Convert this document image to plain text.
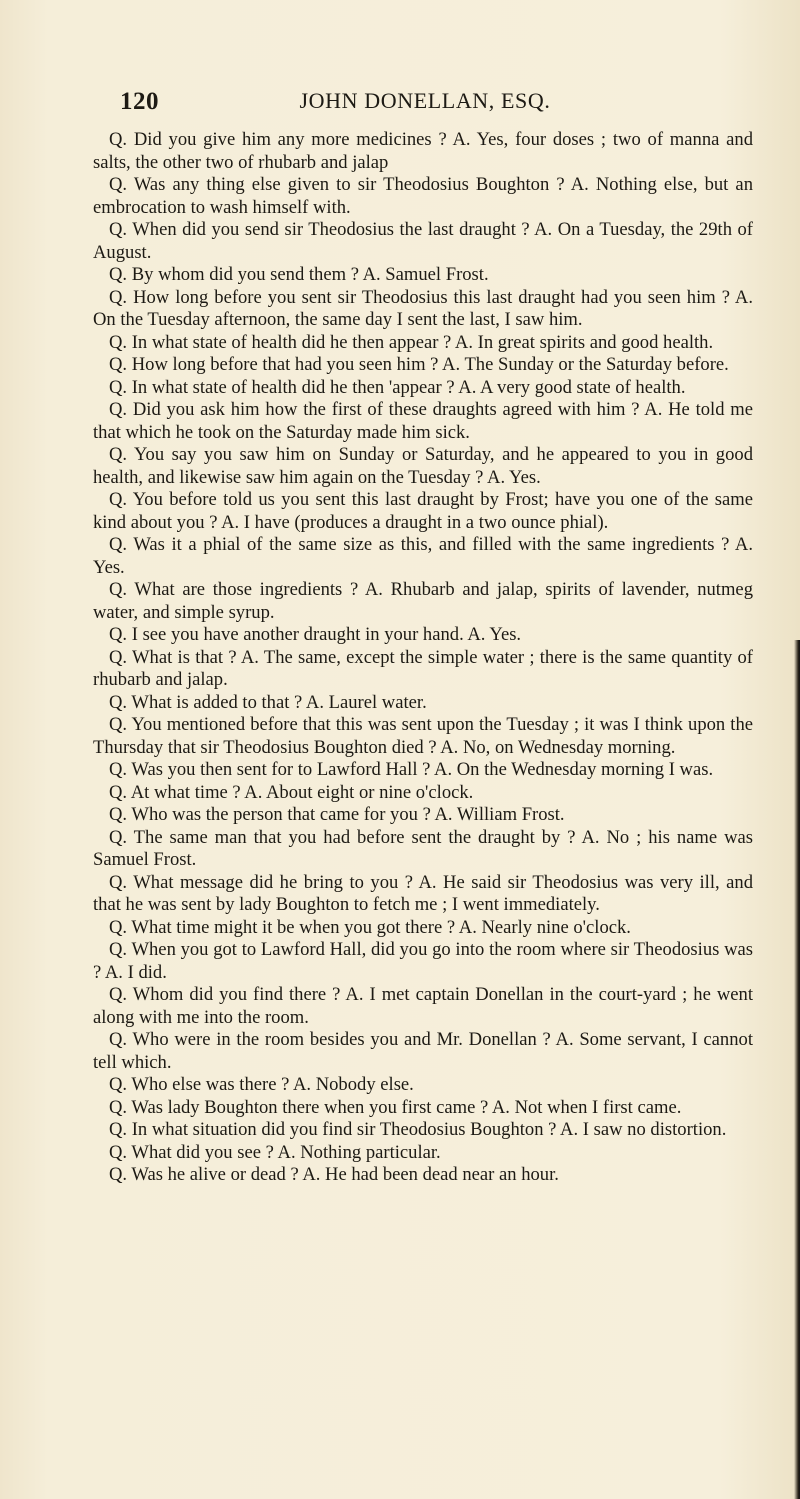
120	JOHN DONELLAN, ESQ.

Q. Did you give him any more medicines ? A. Yes, four doses ; two of manna and salts, the other two of rhubarb and jalap

Q. Was any thing else given to sir Theodosius Boughton ? A. Nothing else, but an embrocation to wash himself with.

Q. When did you send sir Theodosius the last draught ? A. On a Tuesday, the 29th of August.

Q. By whom did you send them ? A. Samuel Frost.

Q. How long before you sent sir Theodosius this last draught had you seen him ? A. On the Tuesday afternoon, the same day I sent the last, I saw him.

Q. In what state of health did he then appear ? A. In great spirits and good health.

Q. How long before that had you seen him ? A. The Sunday or the Saturday before.

Q. In what state of health did he then 'appear ? A. A very good state of health.

Q. Did you ask him how the first of these draughts agreed with him ? A. He told me that which he took on the Saturday made him sick.

Q. You say you saw him on Sunday or Saturday, and he appeared to you in good health, and likewise saw him again on the Tuesday ? A. Yes.

Q. You before told us you sent this last draught by Frost; have you one of the same kind about you ? A. I have (produces a draught in a two ounce phial).

Q. Was it a phial of the same size as this, and filled with the same ingredients ? A. Yes.

Q. What are those ingredients ? A. Rhubarb and jalap, spirits of lavender, nutmeg water, and simple syrup.

Q. I see you have another draught in your hand. A. Yes.

Q. What is that ? A. The same, except the simple water ; there is the same quantity of rhubarb and jalap.

Q. What is added to that ? A. Laurel water.

Q. You mentioned before that this was sent upon the Tuesday ; it was I think upon the Thursday that sir Theodosius Boughton died ? A. No, on Wednesday morning.

Q. Was you then sent for to Lawford Hall ? A. On the Wednesday morning I was.

Q. At what time ? A. About eight or nine o'clock.

Q. Who was the person that came for you ? A. William Frost.

Q. The same man that you had before sent the draught by ? A. No ; his name was Samuel Frost.

Q. What message did he bring to you ? A. He said sir Theodosius was very ill, and that he was sent by lady Boughton to fetch me ; I went immediately.

Q. What time might it be when you got there ? A. Nearly nine o'clock.

Q. When you got to Lawford Hall, did you go into the room where sir Theodosius was ? A. I did.

Q. Whom did you find there ? A. I met captain Donellan in the court-yard ; he went along with me into the room.

Q. Who were in the room besides you and Mr. Donellan ? A. Some servant, I cannot tell which.

Q. Who else was there ? A. Nobody else.

Q. Was lady Boughton there when you first came ? A. Not when I first came.

Q. In what situation did you find sir Theodosius Boughton ? A. I saw no distortion.

Q. What did you see ? A. Nothing particular.

Q. Was he alive or dead ? A. He had been dead near an hour.
